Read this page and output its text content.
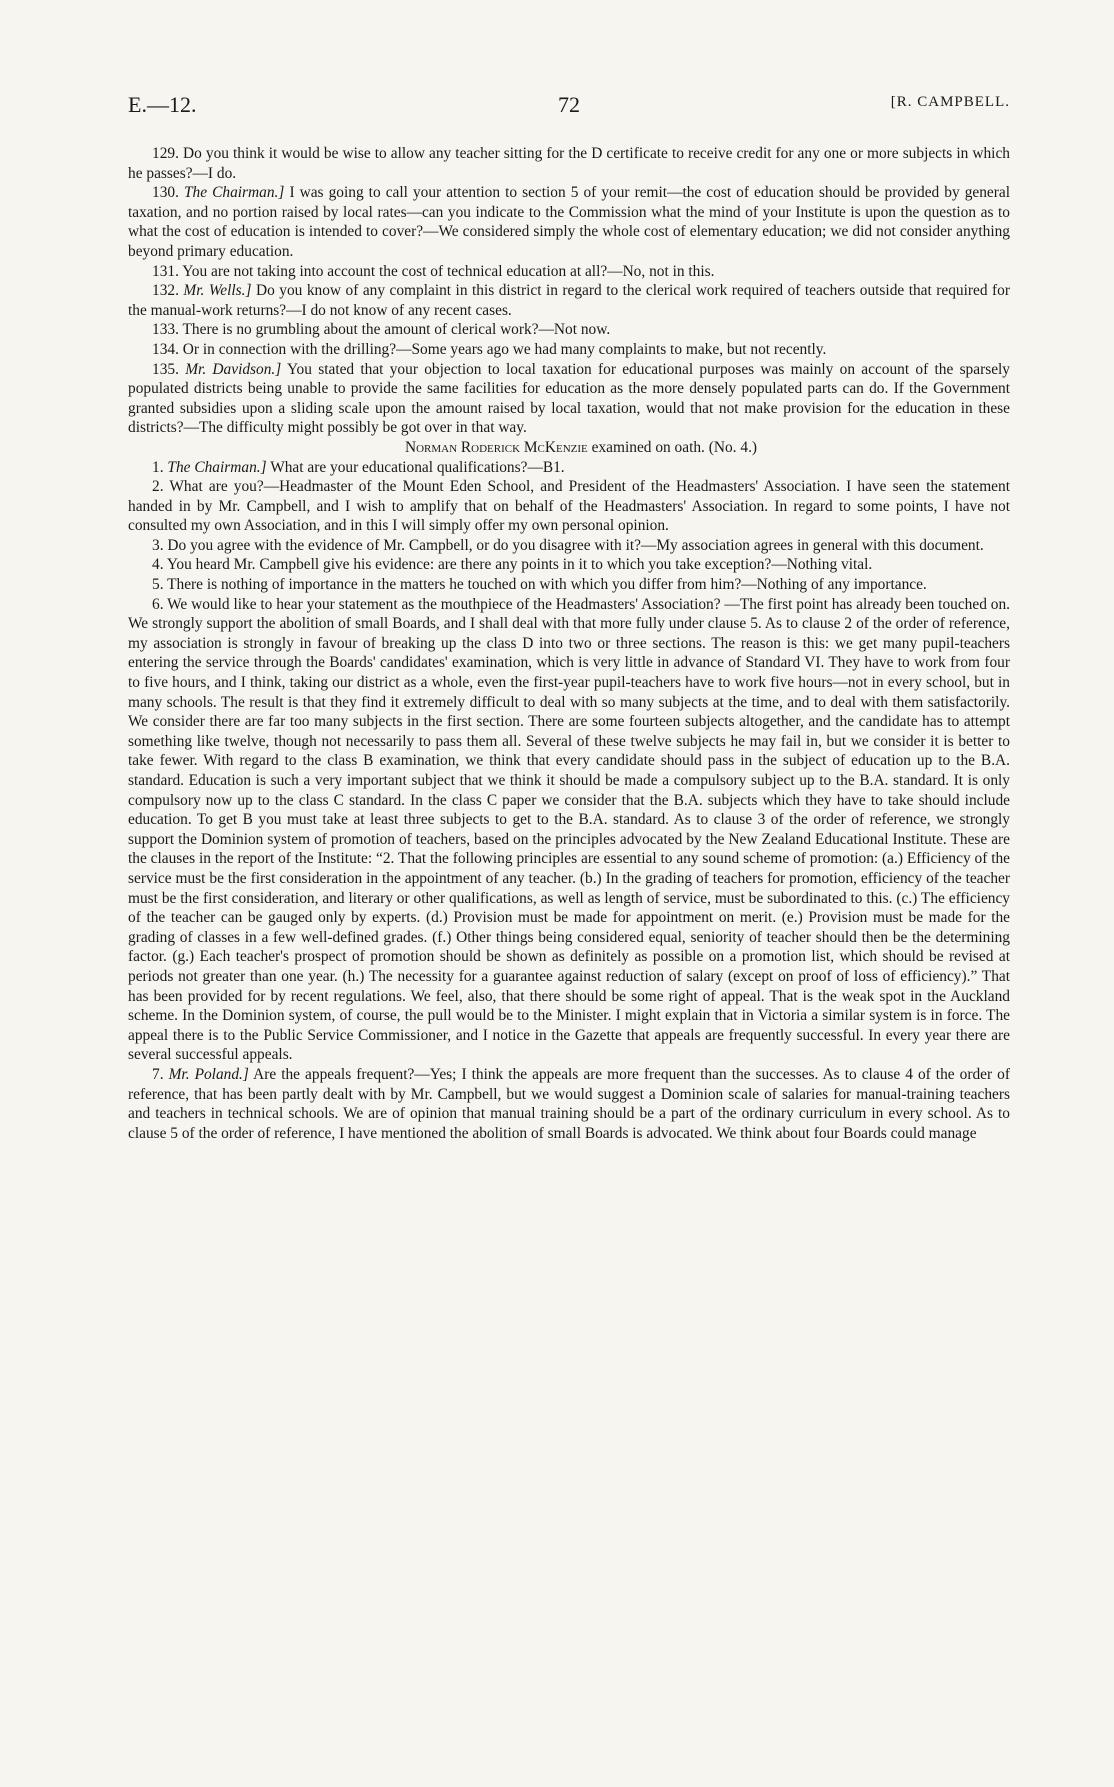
E.—12.	72	[R. CAMPBELL.

129. Do you think it would be wise to allow any teacher sitting for the D certificate to receive credit for any one or more subjects in which he passes?—I do.

130. The Chairman.] I was going to call your attention to section 5 of your remit—the cost of education should be provided by general taxation, and no portion raised by local rates—can you indicate to the Commission what the mind of your Institute is upon the question as to what the cost of education is intended to cover?—We considered simply the whole cost of elementary education; we did not consider anything beyond primary education.

131. You are not taking into account the cost of technical education at all?—No, not in this.

132. Mr. Wells.] Do you know of any complaint in this district in regard to the clerical work required of teachers outside that required for the manual-work returns?—I do not know of any recent cases.

133. There is no grumbling about the amount of clerical work?—Not now.

134. Or in connection with the drilling?—Some years ago we had many complaints to make, but not recently.

135. Mr. Davidson.] You stated that your objection to local taxation for educational purposes was mainly on account of the sparsely populated districts being unable to provide the same facilities for education as the more densely populated parts can do. If the Government granted subsidies upon a sliding scale upon the amount raised by local taxation, would that not make provision for the education in these districts?—The difficulty might possibly be got over in that way.

Norman Roderick McKenzie examined on oath. (No. 4.)

1. The Chairman.] What are your educational qualifications?—B1.

2. What are you?—Headmaster of the Mount Eden School, and President of the Headmasters' Association. I have seen the statement handed in by Mr. Campbell, and I wish to amplify that on behalf of the Headmasters' Association. In regard to some points, I have not consulted my own Association, and in this I will simply offer my own personal opinion.

3. Do you agree with the evidence of Mr. Campbell, or do you disagree with it?—My association agrees in general with this document.

4. You heard Mr. Campbell give his evidence: are there any points in it to which you take exception?—Nothing vital.

5. There is nothing of importance in the matters he touched on with which you differ from him?—Nothing of any importance.

6. We would like to hear your statement as the mouthpiece of the Headmasters' Association? —The first point has already been touched on. We strongly support the abolition of small Boards, and I shall deal with that more fully under clause 5. As to clause 2 of the order of reference, my association is strongly in favour of breaking up the class D into two or three sections. The reason is this: we get many pupil-teachers entering the service through the Boards' candidates' examination, which is very little in advance of Standard VI. They have to work from four to five hours, and I think, taking our district as a whole, even the first-year pupil-teachers have to work five hours—not in every school, but in many schools. The result is that they find it extremely difficult to deal with so many subjects at the time, and to deal with them satisfactorily. We consider there are far too many subjects in the first section. There are some fourteen subjects altogether, and the candidate has to attempt something like twelve, though not necessarily to pass them all. Several of these twelve subjects he may fail in, but we consider it is better to take fewer. With regard to the class B examination, we think that every candidate should pass in the subject of education up to the B.A. standard. Education is such a very important subject that we think it should be made a compulsory subject up to the B.A. standard. It is only compulsory now up to the class C standard. In the class C paper we consider that the B.A. subjects which they have to take should include education. To get B you must take at least three subjects to get to the B.A. standard. As to clause 3 of the order of reference, we strongly support the Dominion system of promotion of teachers, based on the principles advocated by the New Zealand Educational Institute. These are the clauses in the report of the Institute: “2. That the following principles are essential to any sound scheme of promotion: (a.) Efficiency of the service must be the first consideration in the appointment of any teacher. (b.) In the grading of teachers for promotion, efficiency of the teacher must be the first consideration, and literary or other qualifications, as well as length of service, must be subordinated to this. (c.) The efficiency of the teacher can be gauged only by experts. (d.) Provision must be made for appointment on merit. (e.) Provision must be made for the grading of classes in a few well-defined grades. (f.) Other things being considered equal, seniority of teacher should then be the determining factor. (g.) Each teacher's prospect of promotion should be shown as definitely as possible on a promotion list, which should be revised at periods not greater than one year. (h.) The necessity for a guarantee against reduction of salary (except on proof of loss of efficiency).” That has been provided for by recent regulations. We feel, also, that there should be some right of appeal. That is the weak spot in the Auckland scheme. In the Dominion system, of course, the pull would be to the Minister. I might explain that in Victoria a similar system is in force. The appeal there is to the Public Service Commissioner, and I notice in the Gazette that appeals are frequently successful. In every year there are several successful appeals.

7. Mr. Poland.] Are the appeals frequent?—Yes; I think the appeals are more frequent than the successes. As to clause 4 of the order of reference, that has been partly dealt with by Mr. Campbell, but we would suggest a Dominion scale of salaries for manual-training teachers and teachers in technical schools. We are of opinion that manual training should be a part of the ordinary curriculum in every school. As to clause 5 of the order of reference, I have mentioned the abolition of small Boards is advocated. We think about four Boards could manage
